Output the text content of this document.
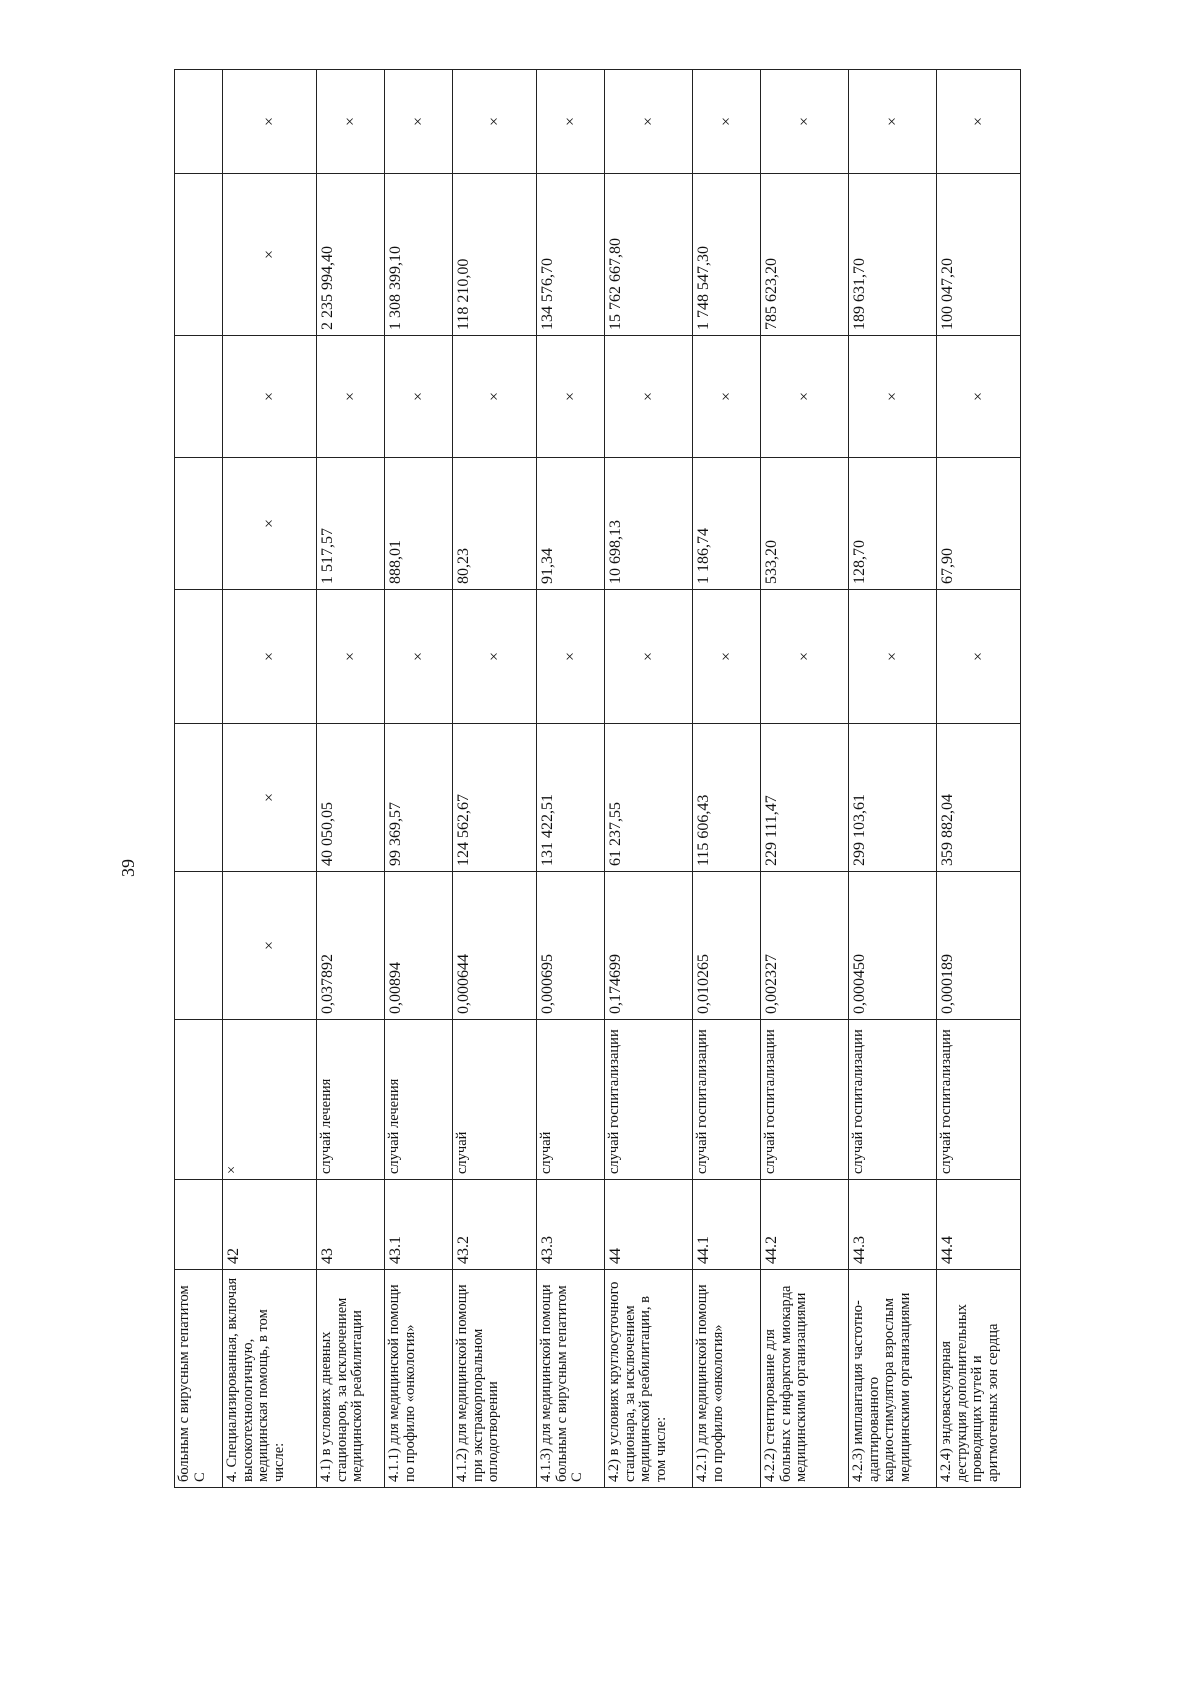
39
больным с вирусным гепатитом С									
4. Специализированная, включая высокотехнологичную, медицинская помощь, в том числе:	42	×	×	×	×	×	×	×	×
4.1) в условиях дневных стационаров, за исключением медицинской реабилитации	43	случай лечения	0,037892	40 050,05	×	1 517,57	×	2 235 994,40	×
4.1.1) для медицинской помощи по профилю «онкология»	43.1	случай лечения	0,00894	99 369,57	×	888,01	×	1 308 399,10	×
4.1.2) для медицинской помощи при экстракорпоральном оплодотворении	43.2	случай	0,000644	124 562,67	×	80,23	×	118 210,00	×
4.1.3) для медицинской помощи больным с вирусным гепатитом С	43.3	случай	0,000695	131 422,51	×	91,34	×	134 576,70	×
4.2) в условиях круглосуточного стационара, за исключением медицинской реабилитации, в том числе:	44	случай госпитализации	0,174699	61 237,55	×	10 698,13	×	15 762 667,80	×
4.2.1) для медицинской помощи по профилю «онкология»	44.1	случай госпитализации	0,010265	115 606,43	×	1 186,74	×	1 748 547,30	×
4.2.2) стентирование для больных с инфарктом миокарда медицинскими организациями	44.2	случай госпитализации	0,002327	229 111,47	×	533,20	×	785 623,20	×
4.2.3) имплантация частотно-адаптированного кардиостимулятора взрослым медицинскими организациями	44.3	случай госпитализации	0,000450	299 103,61	×	128,70	×	189 631,70	×
4.2.4) эндоваскулярная деструкция дополнительных проводящих путей и аритмогенных зон сердца	44.4	случай госпитализации	0,000189	359 882,04	×	67,90	×	100 047,20	×
